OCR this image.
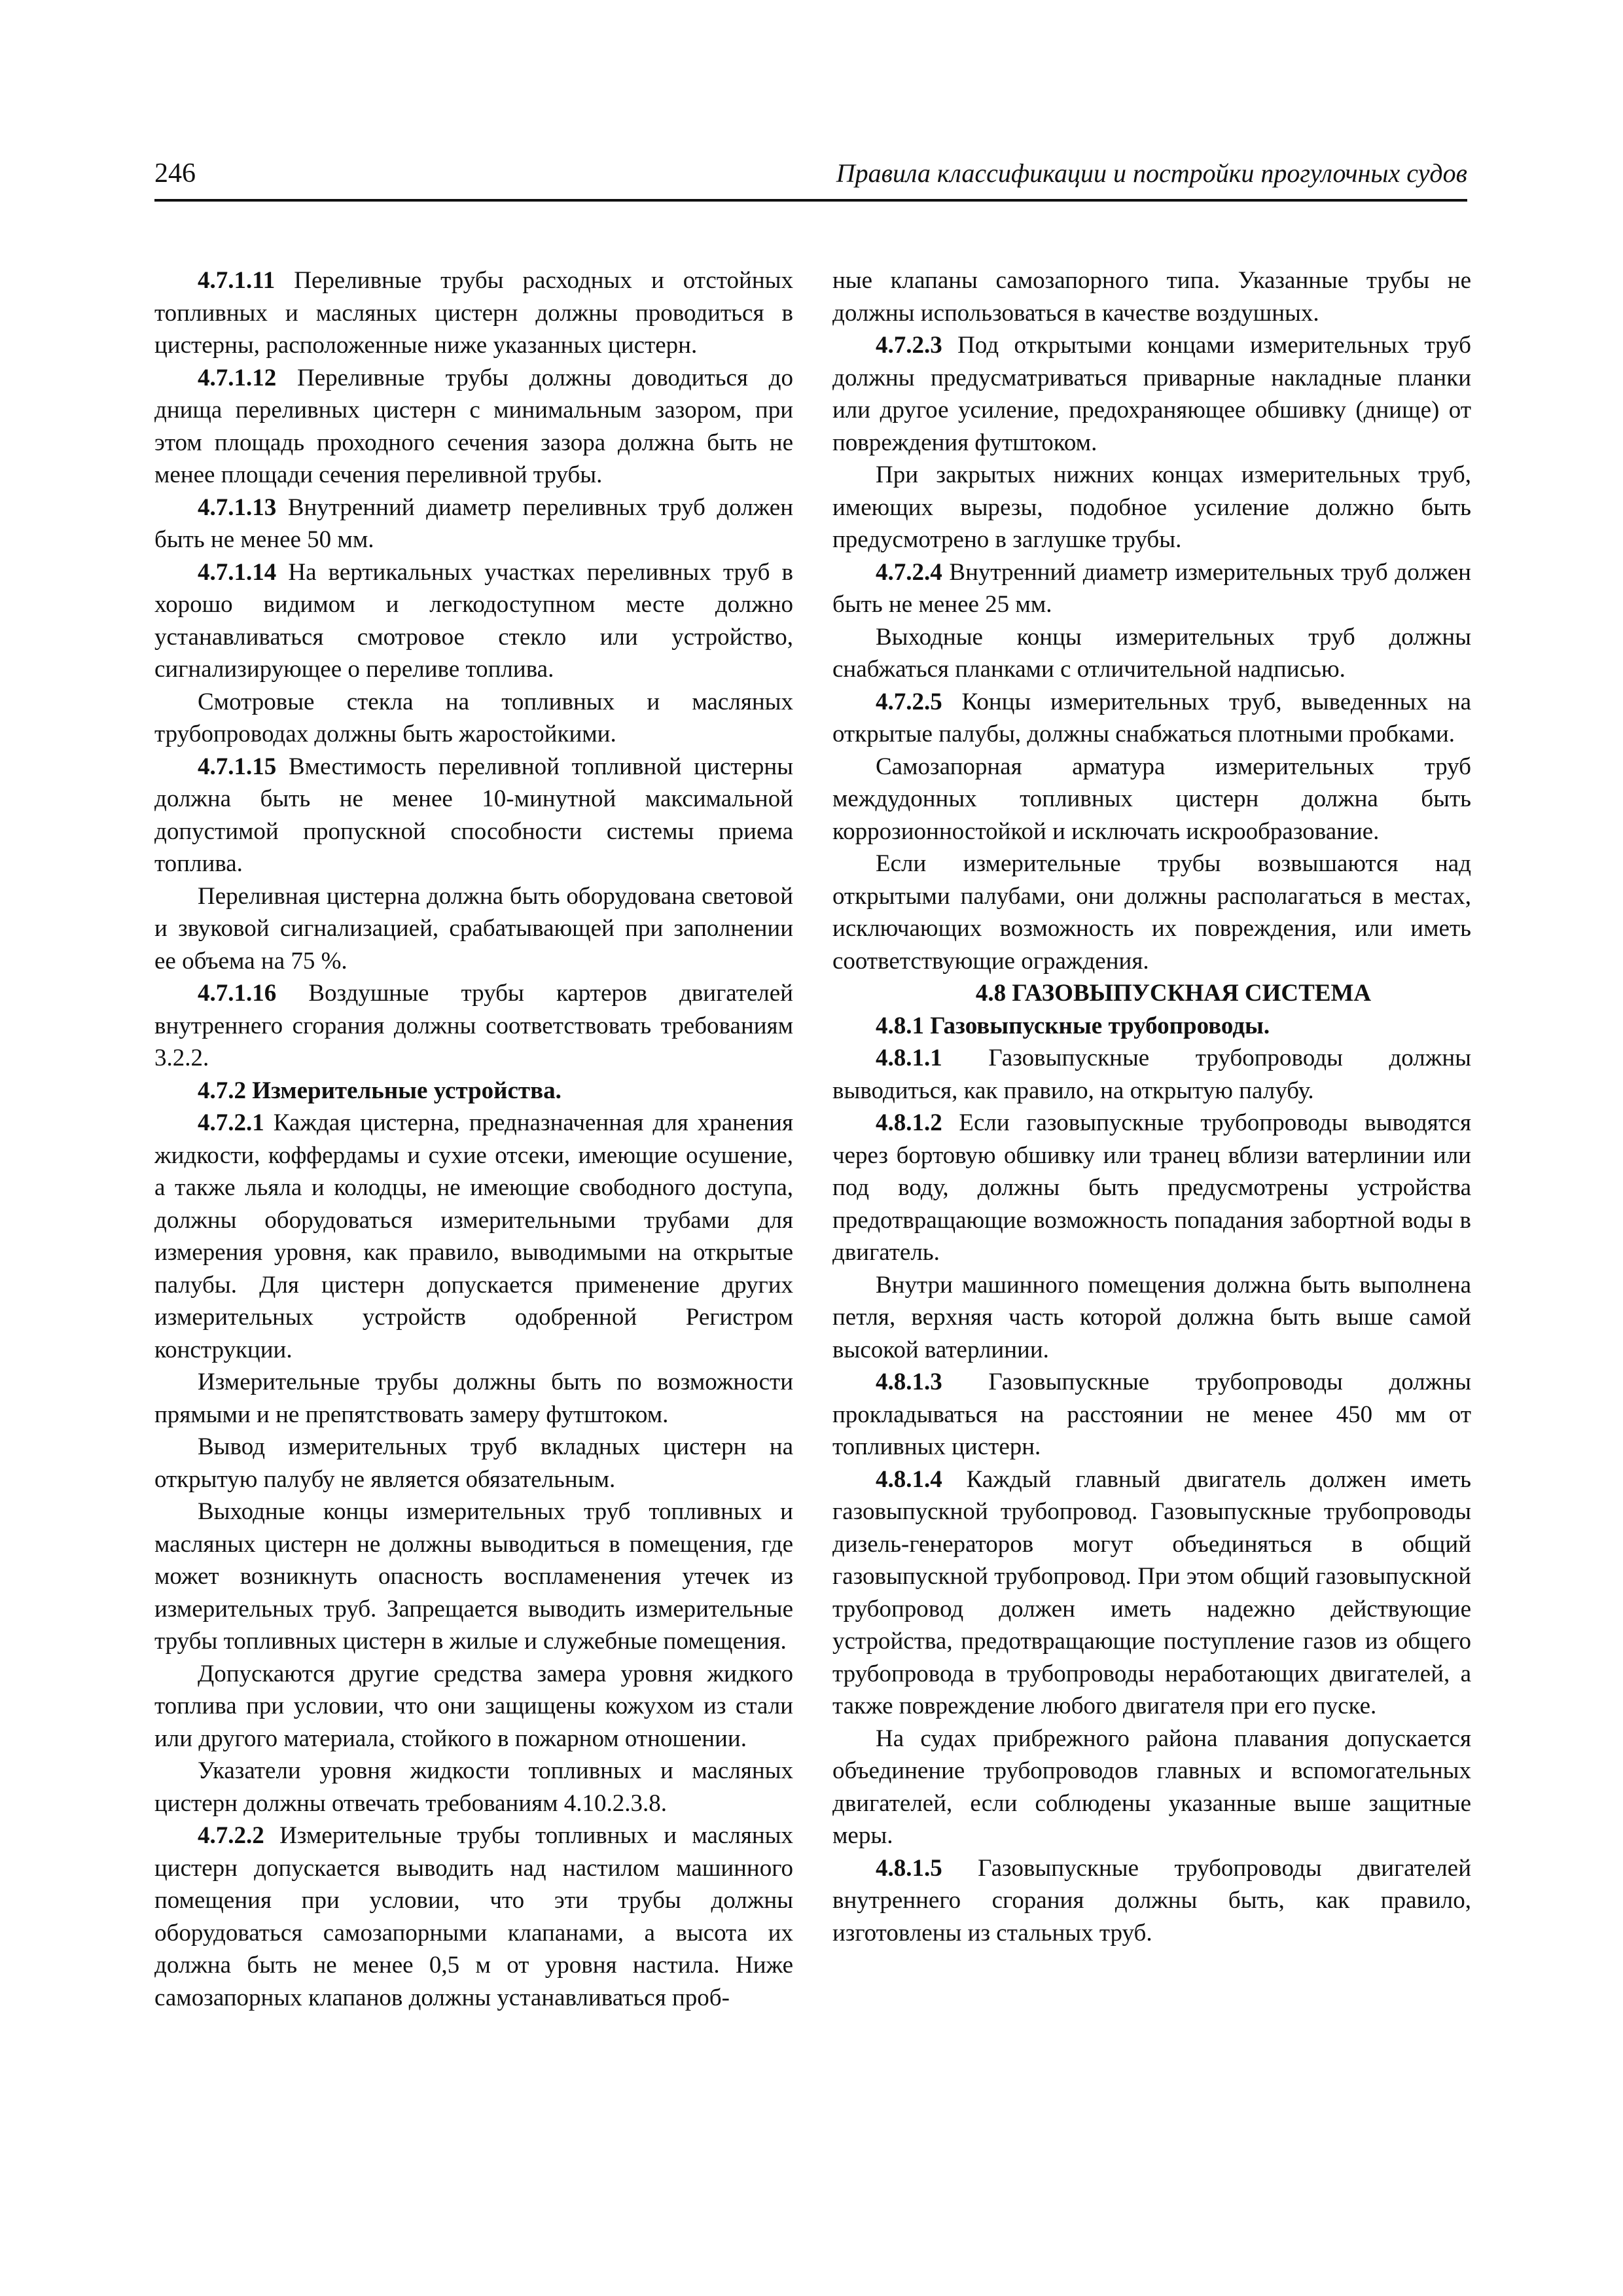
246	Правила классификации и постройки прогулочных судов

4.7.1.11 Переливные трубы расходных и отстойных топливных и масляных цистерн должны проводиться в цистерны, расположенные ниже указанных цистерн.

4.7.1.12 Переливные трубы должны доводиться до днища переливных цистерн с минимальным зазором, при этом площадь проходного сечения зазора должна быть не менее площади сечения переливной трубы.

4.7.1.13 Внутренний диаметр переливных труб должен быть не менее 50 мм.

4.7.1.14 На вертикальных участках переливных труб в хорошо видимом и легкодоступном месте должно устанавливаться смотровое стекло или устройство, сигнализирующее о переливе топлива.

Смотровые стекла на топливных и масляных трубопроводах должны быть жаростойкими.

4.7.1.15 Вместимость переливной топливной цистерны должна быть не менее 10-минутной максимальной допустимой пропускной способности системы приема топлива.

Переливная цистерна должна быть оборудована световой и звуковой сигнализацией, срабатывающей при заполнении ее объема на 75 %.

4.7.1.16 Воздушные трубы картеров двигателей внутреннего сгорания должны соответствовать требованиям 3.2.2.

4.7.2 Измерительные устройства.

4.7.2.1 Каждая цистерна, предназначенная для хранения жидкости, коффердамы и сухие отсеки, имеющие осушение, а также льяла и колодцы, не имеющие свободного доступа, должны оборудоваться измерительными трубами для измерения уровня, как правило, выводимыми на открытые палубы. Для цистерн допускается применение других измерительных устройств одобренной Регистром конструкции.

Измерительные трубы должны быть по возможности прямыми и не препятствовать замеру футштоком.

Вывод измерительных труб вкладных цистерн на открытую палубу не является обязательным.

Выходные концы измерительных труб топливных и масляных цистерн не должны выводиться в помещения, где может возникнуть опасность воспламенения утечек из измерительных труб. Запрещается выводить измерительные трубы топливных цистерн в жилые и служебные помещения.

Допускаются другие средства замера уровня жидкого топлива при условии, что они защищены кожухом из стали или другого материала, стойкого в пожарном отношении.

Указатели уровня жидкости топливных и масляных цистерн должны отвечать требованиям 4.10.2.3.8.

4.7.2.2 Измерительные трубы топливных и масляных цистерн допускается выводить над настилом машинного помещения при условии, что эти трубы должны оборудоваться самозапорными клапанами, а высота их должна быть не менее 0,5 м от уровня настила. Ниже самозапорных клапанов должны устанавливаться проб-

ные клапаны самозапорного типа. Указанные трубы не должны использоваться в качестве воздушных.

4.7.2.3 Под открытыми концами измерительных труб должны предусматриваться приварные накладные планки или другое усиление, предохраняющее обшивку (днище) от повреждения футштоком.

При закрытых нижних концах измерительных труб, имеющих вырезы, подобное усиление должно быть предусмотрено в заглушке трубы.

4.7.2.4 Внутренний диаметр измерительных труб должен быть не менее 25 мм.

Выходные концы измерительных труб должны снабжаться планками с отличительной надписью.

4.7.2.5 Концы измерительных труб, выведенных на открытые палубы, должны снабжаться плотными пробками.

Самозапорная арматура измерительных труб междудонных топливных цистерн должна быть коррозионностойкой и исключать искрообразование.

Если измерительные трубы возвышаются над открытыми палубами, они должны располагаться в местах, исключающих возможность их повреждения, или иметь соответствующие ограждения.

4.8 ГАЗОВЫПУСКНАЯ СИСТЕМА

4.8.1 Газовыпускные трубопроводы.

4.8.1.1 Газовыпускные трубопроводы должны выводиться, как правило, на открытую палубу.

4.8.1.2 Если газовыпускные трубопроводы выводятся через бортовую обшивку или транец вблизи ватерлинии или под воду, должны быть предусмотрены устройства предотвращающие возможность попадания забортной воды в двигатель.

Внутри машинного помещения должна быть выполнена петля, верхняя часть которой должна быть выше самой высокой ватерлинии.

4.8.1.3 Газовыпускные трубопроводы должны прокладываться на расстоянии не менее 450 мм от топливных цистерн.

4.8.1.4 Каждый главный двигатель должен иметь газовыпускной трубопровод. Газовыпускные трубопроводы дизель-генераторов могут объединяться в общий газовыпускной трубопровод. При этом общий газовыпускной трубопровод должен иметь надежно действующие устройства, предотвращающие поступление газов из общего трубопровода в трубопроводы неработающих двигателей, а также повреждение любого двигателя при его пуске.

На судах прибрежного района плавания допускается объединение трубопроводов главных и вспомогательных двигателей, если соблюдены указанные выше защитные меры.

4.8.1.5 Газовыпускные трубопроводы двигателей внутреннего сгорания должны быть, как правило, изготовлены из стальных труб.
